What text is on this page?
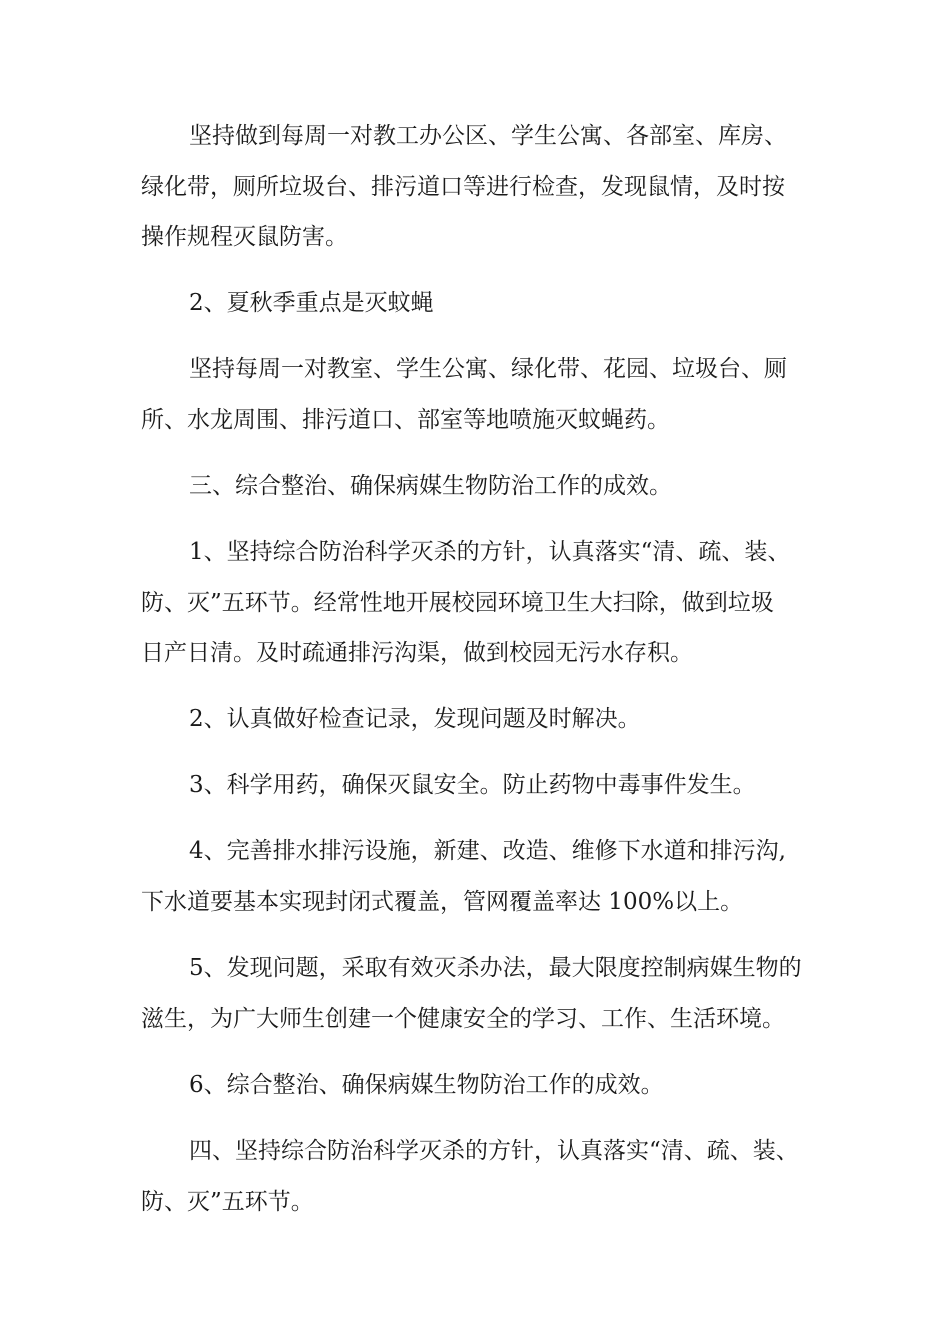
坚持做到每周一对教工办公区、学生公寓、各部室、库房、

绿化带，厕所垃圾台、排污道口等进行检查，发现鼠情，及时按

操作规程灭鼠防害。

2、夏秋季重点是灭蚊蝇

坚持每周一对教室、学生公寓、绿化带、花园、垃圾台、厕

所、水龙周围、排污道口、部室等地喷施灭蚊蝇药。

三、综合整治、确保病媒生物防治工作的成效。

1、坚持综合防治科学灭杀的方针，认真落实“清、疏、装、

防、灭”五环节。经常性地开展校园环境卫生大扫除，做到垃圾

日产日清。及时疏通排污沟渠，做到校园无污水存积。

2、认真做好检查记录，发现问题及时解决。

3、科学用药，确保灭鼠安全。防止药物中毒事件发生。

4、完善排水排污设施，新建、改造、维修下水道和排污沟,

下水道要基本实现封闭式覆盖，管网覆盖率达 100%以上。

5、发现问题，采取有效灭杀办法，最大限度控制病媒生物的

滋生，为广大师生创建一个健康安全的学习、工作、生活环境。

6、综合整治、确保病媒生物防治工作的成效。

四、坚持综合防治科学灭杀的方针，认真落实“清、疏、装、

防、灭”五环节。
